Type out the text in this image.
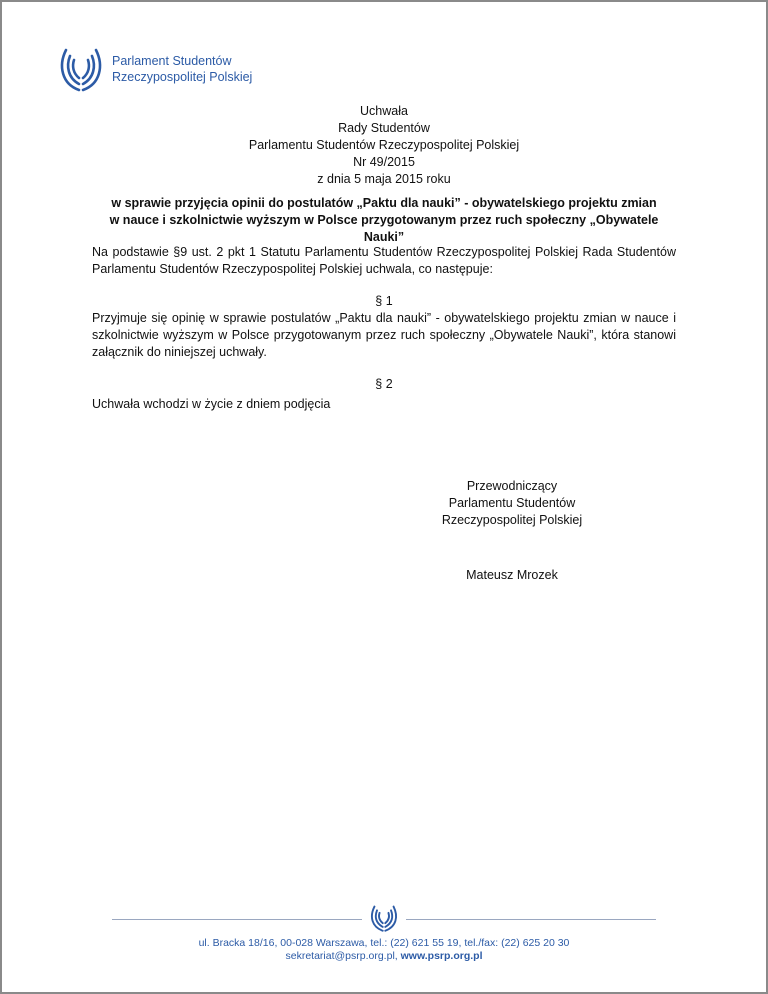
Parlament Studentów
Rzeczypospolitej Polskiej
Uchwała
Rady Studentów
Parlamentu Studentów Rzeczypospolitej Polskiej
Nr 49/2015
z dnia 5 maja 2015 roku
w sprawie przyjęcia opinii do postulatów „Paktu dla nauki” - obywatelskiego projektu zmian
w nauce i szkolnictwie wyższym w Polsce przygotowanym przez ruch społeczny „Obywatele Nauki”
Na podstawie §9 ust. 2 pkt 1 Statutu Parlamentu Studentów Rzeczypospolitej Polskiej Rada Studentów Parlamentu Studentów Rzeczypospolitej Polskiej uchwala, co następuje:
§ 1
Przyjmuje się opinię w sprawie postulatów „Paktu dla nauki” - obywatelskiego projektu zmian w nauce i szkolnictwie wyższym w Polsce przygotowanym przez ruch społeczny „Obywatele Nauki”, która stanowi załącznik do niniejszej uchwały.
§ 2
Uchwała wchodzi w życie z dniem podjęcia
Przewodniczący
Parlamentu Studentów
Rzeczypospolitej Polskiej
Mateusz Mrozek
ul. Bracka 18/16, 00-028 Warszawa, tel.: (22) 621 55 19, tel./fax: (22) 625 20 30
sekretariat@psrp.org.pl, www.psrp.org.pl
